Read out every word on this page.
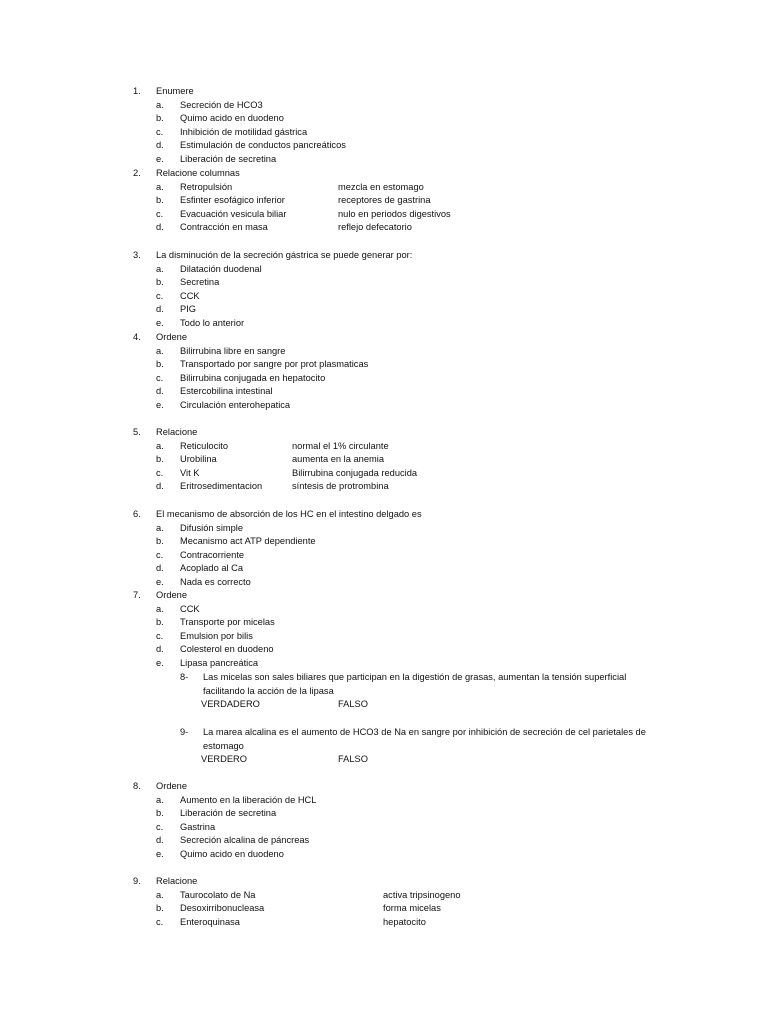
1. Enumere
a. Secreción de HCO3
b. Quimo acido en duodeno
c. Inhibición de motilidad gástrica
d. Estimulación de conductos pancreáticos
e. Liberación de secretina
2. Relacione columnas
a. Retropulsión	mezcla en estomago
b. Esfinter esofágico inferior	receptores de gastrina
c. Evacuación vesicula biliar	nulo en periodos digestivos
d. Contracción en masa	reflejo defecatorio
3. La disminución de la secreción gástrica se puede generar por:
a. Dilatación duodenal
b. Secretina
c. CCK
d. PIG
e. Todo lo anterior
4. Ordene
a. Bilirrubina libre en sangre
b. Transportado por sangre por prot plasmaticas
c. Bilirrubina conjugada en hepatocito
d. Estercobilina intestinal
e. Circulación enterohepatica
5. Relacione
a. Reticulocito	normal el 1% circulante
b. Urobilina	aumenta en la anemia
c. Vit K	Bilirrubina conjugada reducida
d. Eritrosedimentacion	síntesis de protrombina
6. El mecanismo de absorción de los HC en el intestino delgado es
a. Difusión simple
b. Mecanismo act ATP dependiente
c. Contracorriente
d. Acoplado al Ca
e. Nada es correcto
7. Ordene
a. CCK
b. Transporte por micelas
c. Emulsion por bilis
d. Colesterol en duodeno
e. Lipasa pancreática
8- Las micelas son sales biliares que participan en la digestión de grasas, aumentan la tensión superficial facilitando la acción de la lipasa
VERDADERO	FALSO
9- La marea alcalina es el aumento de HCO3 de Na en sangre por inhibición de secreción de cel parietales de estomago
VERDERO	FALSO
8. Ordene
a. Aumento en la liberación de HCL
b. Liberación de secretina
c. Gastrina
d. Secreción alcalina de páncreas
e. Quimo acido en duodeno
9. Relacione
a. Taurocolato de Na	activa tripsinogeno
b. Desoxirribonucleasa	forma micelas
c. Enteroquinasa	hepatocito
